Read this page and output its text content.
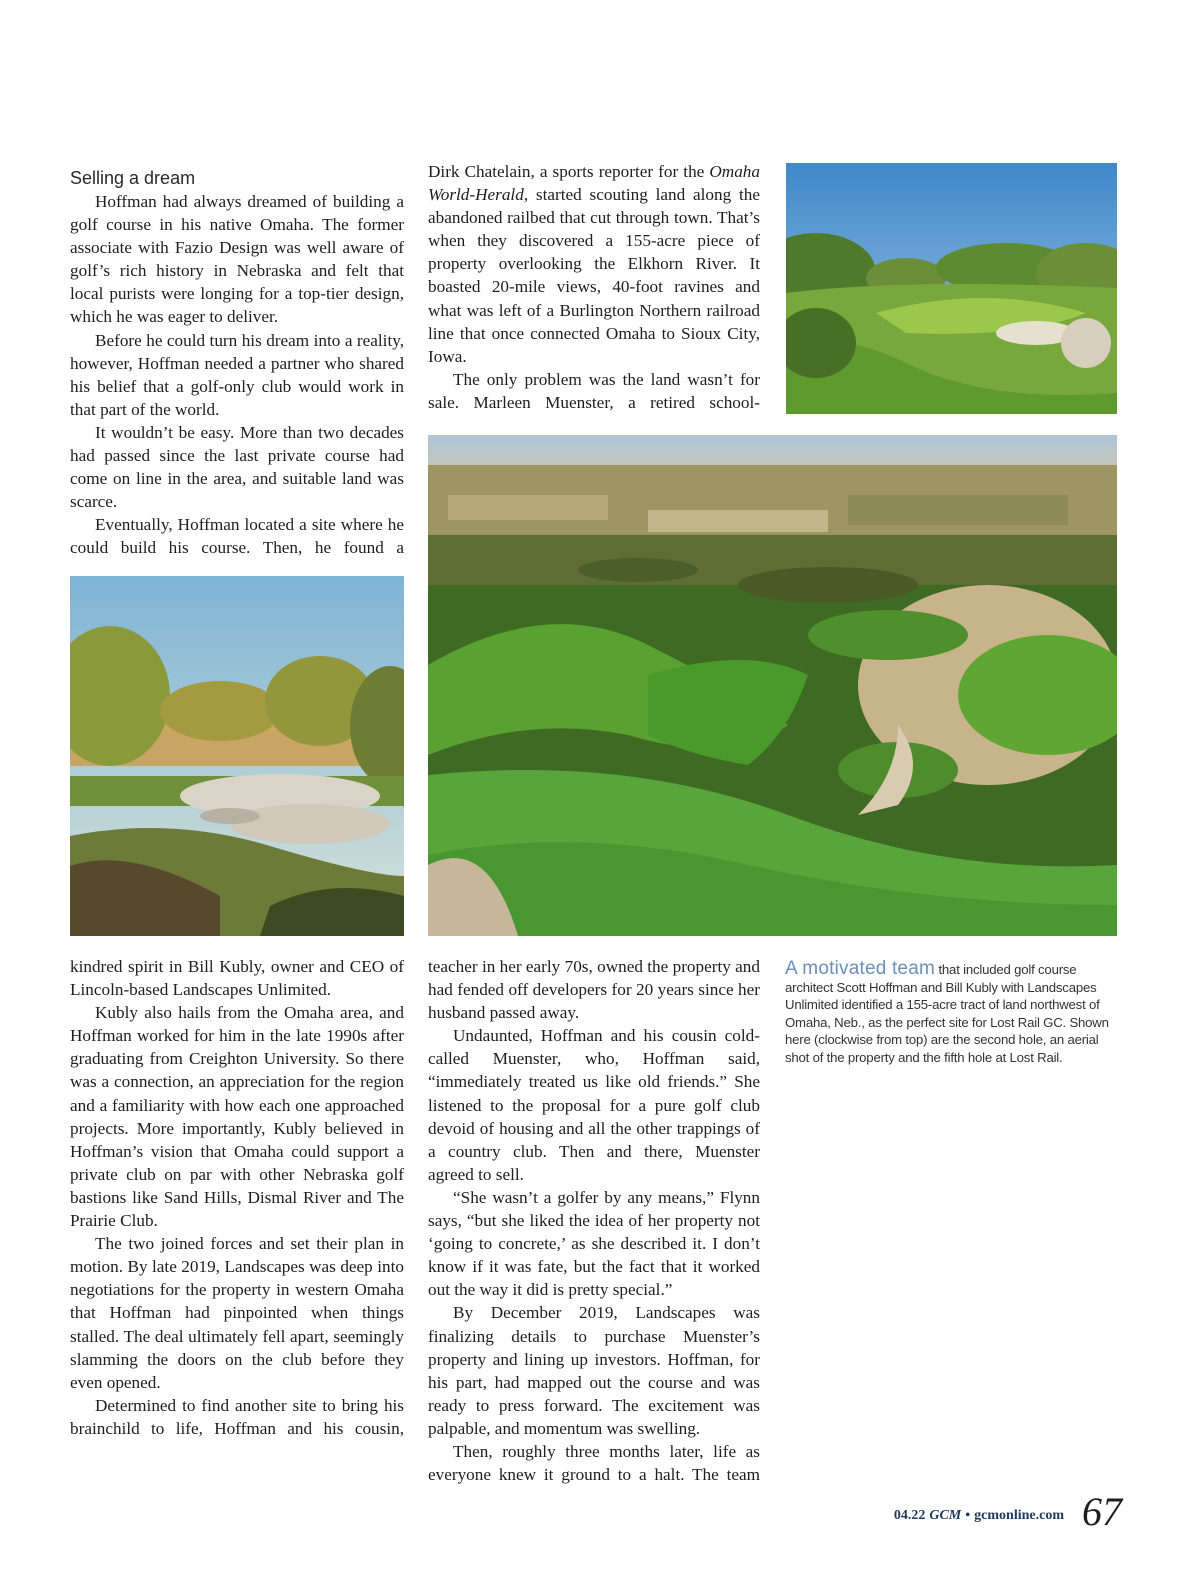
Selling a dream

Hoffman had always dreamed of building a golf course in his native Omaha. The former associate with Fazio Design was well aware of golf’s rich history in Nebraska and felt that local purists were longing for a top-tier design, which he was eager to deliver.

Before he could turn his dream into a reality, however, Hoffman needed a partner who shared his belief that a golf-only club would work in that part of the world.

It wouldn’t be easy. More than two decades had passed since the last private course had come on line in the area, and suitable land was scarce.

Eventually, Hoffman located a site where he could build his course. Then, he found a

kindred spirit in Bill Kubly, owner and CEO of Lincoln-based Landscapes Unlimited.

Kubly also hails from the Omaha area, and Hoffman worked for him in the late 1990s after graduating from Creighton University. So there was a connection, an appreciation for the region and a familiarity with how each one approached projects. More importantly, Kubly believed in Hoffman’s vision that Omaha could support a private club on par with other Nebraska golf bastions like Sand Hills, Dismal River and The Prairie Club.

The two joined forces and set their plan in motion. By late 2019, Landscapes was deep into negotiations for the property in western Omaha that Hoffman had pinpointed when things stalled. The deal ultimately fell apart, seemingly slamming the doors on the club before they even opened.

Determined to find another site to bring his brainchild to life, Hoffman and his cousin,

Dirk Chatelain, a sports reporter for the Omaha World-Herald, started scouting land along the abandoned railbed that cut through town. That’s when they discovered a 155-acre piece of property overlooking the Elkhorn River. It boasted 20-mile views, 40-foot ravines and what was left of a Burlington Northern railroad line that once connected Omaha to Sioux City, Iowa.

The only problem was the land wasn’t for sale. Marleen Muenster, a retired school-

teacher in her early 70s, owned the property and had fended off developers for 20 years since her husband passed away.

Undaunted, Hoffman and his cousin cold-called Muenster, who, Hoffman said, “immediately treated us like old friends.” She listened to the proposal for a pure golf club devoid of housing and all the other trappings of a country club. Then and there, Muenster agreed to sell.

“She wasn’t a golfer by any means,” Flynn says, “but she liked the idea of her property not ‘going to concrete,’ as she described it. I don’t know if it was fate, but the fact that it worked out the way it did is pretty special.”

By December 2019, Landscapes was finalizing details to purchase Muenster’s property and lining up investors. Hoffman, for his part, had mapped out the course and was ready to press forward. The excitement was palpable, and momentum was swelling.

Then, roughly three months later, life as everyone knew it ground to a halt. The team

A motivated team that included golf course architect Scott Hoffman and Bill Kubly with Landscapes Unlimited identified a 155-acre tract of land northwest of Omaha, Neb., as the perfect site for Lost Rail GC. Shown here (clockwise from top) are the second hole, an aerial shot of the property and the fifth hole at Lost Rail.
04.22 GCM • gcmonline.com 67
